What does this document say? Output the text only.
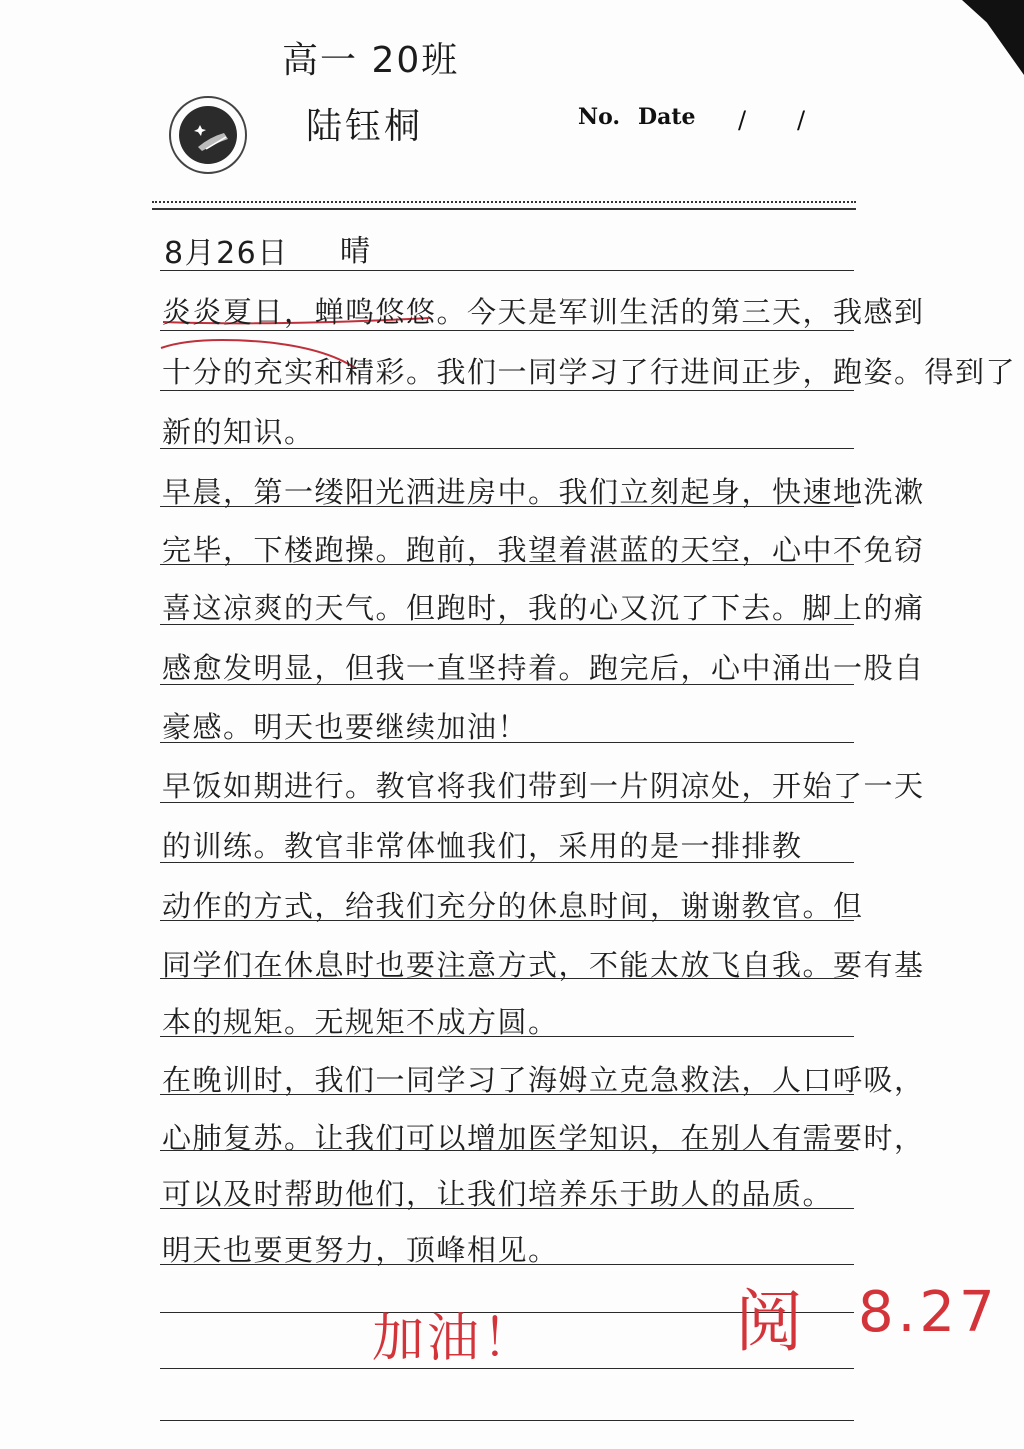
高一 20班
陆钰桐	No. Date / /
8月26日	晴
炎炎夏日，蝉鸣悠悠。今天是军训生活的第三天，我感到
十分的充实和精彩。我们一同学习了行进间正步，跑姿。得到了
新的知识。
早晨，第一缕阳光洒进房中。我们立刻起身，快速地洗漱
完毕，下楼跑操。跑前，我望着湛蓝的天空，心中不免窃
喜这凉爽的天气。但跑时，我的心又沉了下去。脚上的痛
感愈发明显，但我一直坚持着。跑完后，心中涌出一股自
豪感。明天也要继续加油！
早饭如期进行。教官将我们带到一片阴凉处，开始了一天
的训练。教官非常体恤我们，采用的是一排排教
动作的方式，给我们充分的休息时间，谢谢教官。但
同学们在休息时也要注意方式，不能太放飞自我。要有基
本的规矩。无规矩不成方圆。
在晚训时，我们一同学习了海姆立克急救法，人口呼吸，
心肺复苏。让我们可以增加医学知识，在别人有需要时，
可以及时帮助他们，让我们培养乐于助人的品质。
明天也要更努力，顶峰相见。
加油！	阅 8.27
